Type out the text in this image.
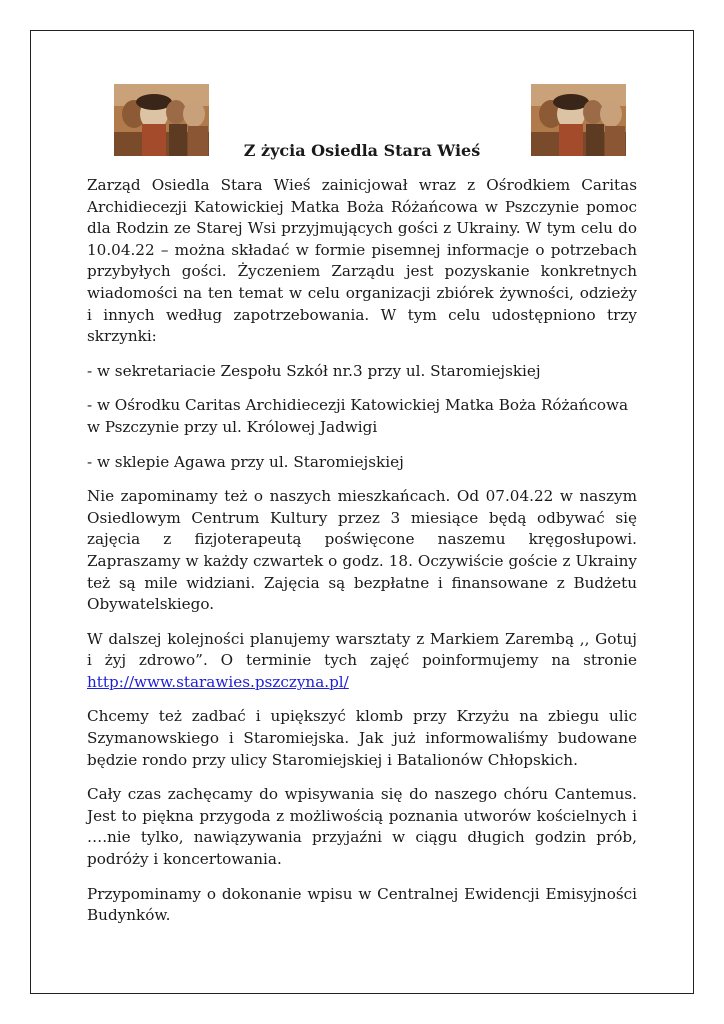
Z życia Osiedla Stara Wieś

Zarząd Osiedla Stara Wieś zainicjował wraz z Ośrodkiem Caritas Archidiecezji Katowickiej Matka Boża Różańcowa w Pszczynie pomoc dla Rodzin ze Starej Wsi przyjmujących gości z Ukrainy. W tym celu do 10.04.22 – można składać w formie pisemnej informacje o potrzebach przybyłych gości. Życzeniem Zarządu jest pozyskanie konkretnych wiadomości na ten temat w celu organizacji zbiórek żywności, odzieży i innych według zapotrzebowania. W tym celu udostępniono trzy skrzynki:

- w sekretariacie Zespołu Szkół nr.3 przy ul. Staromiejskiej

- w Ośrodku Caritas Archidiecezji Katowickiej Matka Boża Różańcowa w Pszczynie przy ul. Królowej Jadwigi

- w sklepie Agawa przy ul. Staromiejskiej

Nie zapominamy też o naszych mieszkańcach. Od 07.04.22 w naszym Osiedlowym Centrum Kultury przez 3 miesiące będą odbywać się zajęcia z fizjoterapeutą poświęcone naszemu kręgosłupowi. Zapraszamy w każdy czwartek o godz. 18. Oczywiście goście z Ukrainy też są mile widziani. Zajęcia są bezpłatne i finansowane z Budżetu Obywatelskiego.

W dalszej kolejności planujemy warsztaty z Markiem Zarembą ,, Gotuj i żyj zdrowo”. O terminie tych zajęć poinformujemy na stronie http://www.starawies.pszczyna.pl/

Chcemy też zadbać i upiększyć klomb przy Krzyżu na zbiegu ulic Szymanowskiego i Staromiejska. Jak już informowaliśmy budowane będzie rondo przy ulicy Staromiejskiej i Batalionów Chłopskich.

Cały czas zachęcamy do wpisywania się do naszego chóru Cantemus. Jest to piękna przygoda z możliwością poznania utworów kościelnych i ….nie tylko, nawiązywania przyjaźni w ciągu długich godzin prób, podróży i koncertowania.

Przypominamy o dokonanie wpisu w Centralnej Ewidencji Emisyjności Budynków.
